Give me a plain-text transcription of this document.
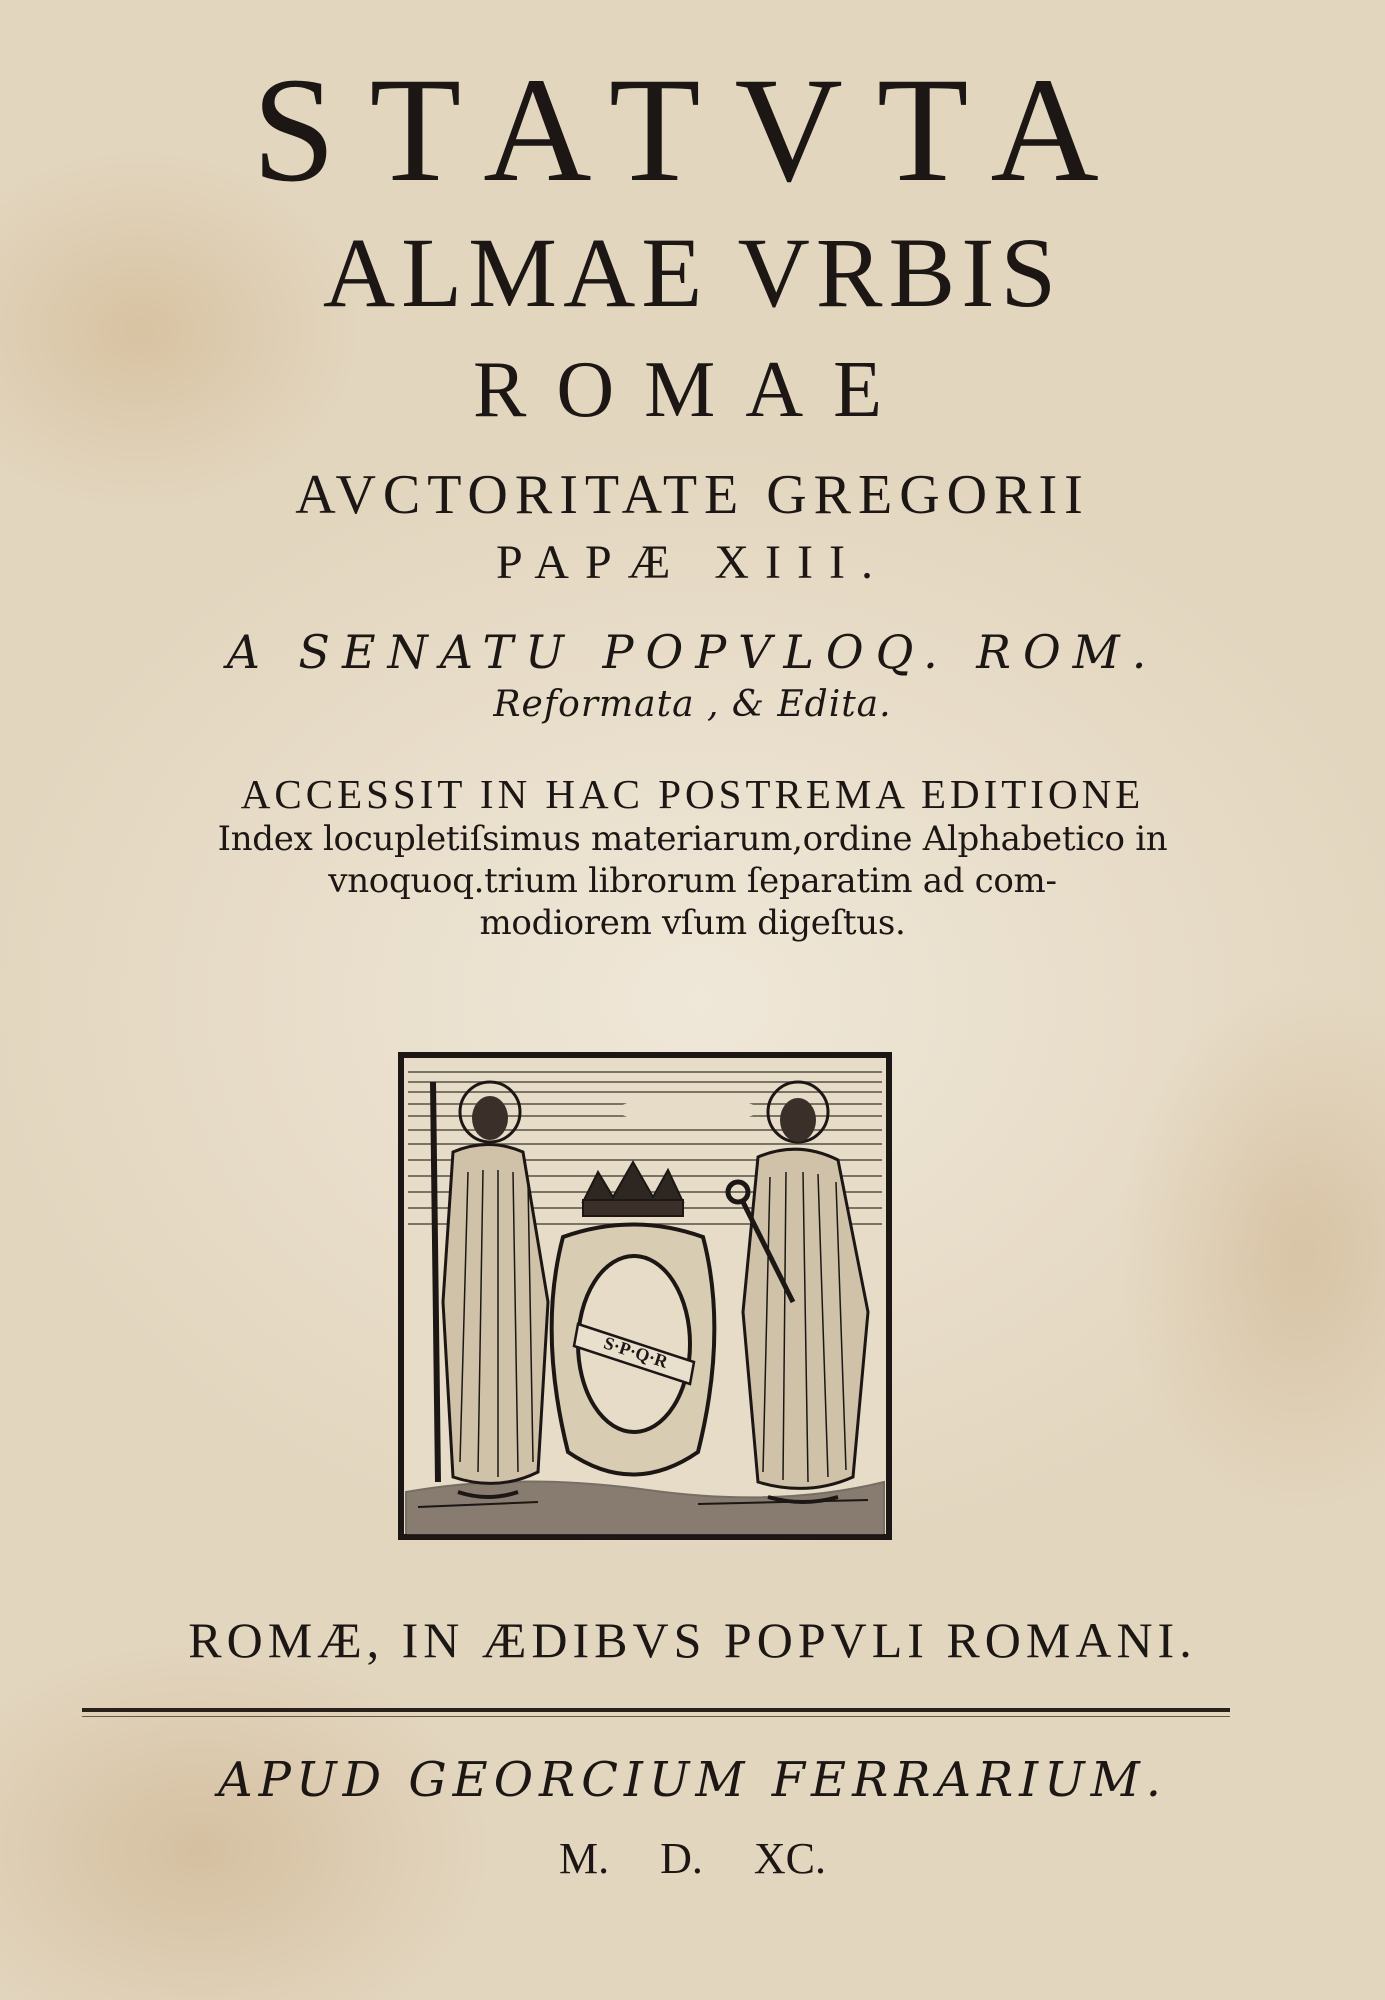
STATVTA
ALMAE VRBIS
ROMAE
AVCTORITATE GREGORII
PAPÆ XIII.
A SENATU POPVLOQ. ROM.
Reformata , & Edita.
ACCESSIT IN HAC POSTREMA EDITIONE
Index locupletiſsimus materiarum,ordine Alphabetico in
vnoquoq.trium librorum ſeparatim ad com-
modiorem vſum digeſtus.
S·P·Q·R
ROMÆ, IN ÆDIBVS POPVLI ROMANI.
APUD GEORCIUM FERRARIUM.
M. D. XC.
